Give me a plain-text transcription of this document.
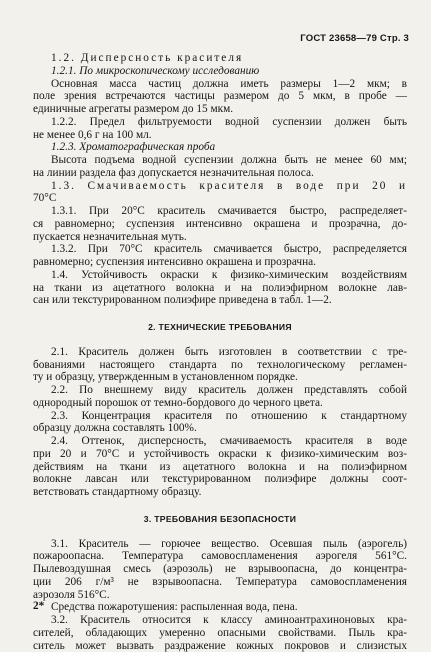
ГОСТ 23658—79 Стр. 3
1.2. Дисперсность красителя
1.2.1. По микроскопическому исследованию
Основная масса частиц должна иметь размеры 1—2 мкм; в
поле зрения встречаются частицы размером до 5 мкм, в пробе —
единичные агрегаты размером до 15 мкм.
1.2.2. Предел фильтруемости водной суспензии должен быть
не менее 0,6 г на 100 мл.
1.2.3. Хроматографическая проба
Высота подъема водной суспензии должна быть не менее 60 мм;
на линии раздела фаз допускается незначительная полоса.
1.3. Смачиваемость красителя в воде при 20 и
70°С
1.3.1. При 20°С краситель смачивается быстро, распределяет-
ся равномерно; суспензия интенсивно окрашена и прозрачна, до-
пускается незначительная муть.
1.3.2. При 70°С краситель смачивается быстро, распределяется
равномерно; суспензия интенсивно окрашена и прозрачна.
1.4. Устойчивость окраски к физико-химическим воздействиям
на ткани из ацетатного волокна и на полиэфирном волокне лав-
сан или текстурированном полиэфире приведена в табл. 1—2.
2. ТЕХНИЧЕСКИЕ ТРЕБОВАНИЯ
2.1. Краситель должен быть изготовлен в соответствии с тре-
бованиями настоящего стандарта по технологическому регламен-
ту и образцу, утвержденным в установленном порядке.
2.2. По внешнему виду краситель должен представлять собой
однородный порошок от темно-бордового до черного цвета.
2.3. Концентрация красителя по отношению к стандартному
образцу должна составлять 100%.
2.4. Оттенок, дисперсность, смачиваемость красителя в воде
при 20 и 70°С и устойчивость окраски к физико-химическим воз-
действиям на ткани из ацетатного волокна и на полиэфирном
волокне лавсан или текстурированном полиэфире должны соот-
ветствовать стандартному образцу.
3. ТРЕБОВАНИЯ БЕЗОПАСНОСТИ
3.1. Краситель — горючее вещество. Осевшая пыль (аэрогель)
пожароопасна. Температура самовоспламенения аэрогеля 561°С.
Пылевоздушная смесь (аэрозоль) не взрывоопасна, до концентра-
ции 206 г/м³ не взрывоопасна. Температура самовоспламенения
аэрозоля 516°С.
Средства пожаротушения: распыленная вода, пена.
3.2. Краситель относится к классу аминоантрахиноновых кра-
сителей, обладающих умеренно опасными свойствами. Пыль кра-
ситель может вызвать раздражение кожных покровов и слизистых
2*
